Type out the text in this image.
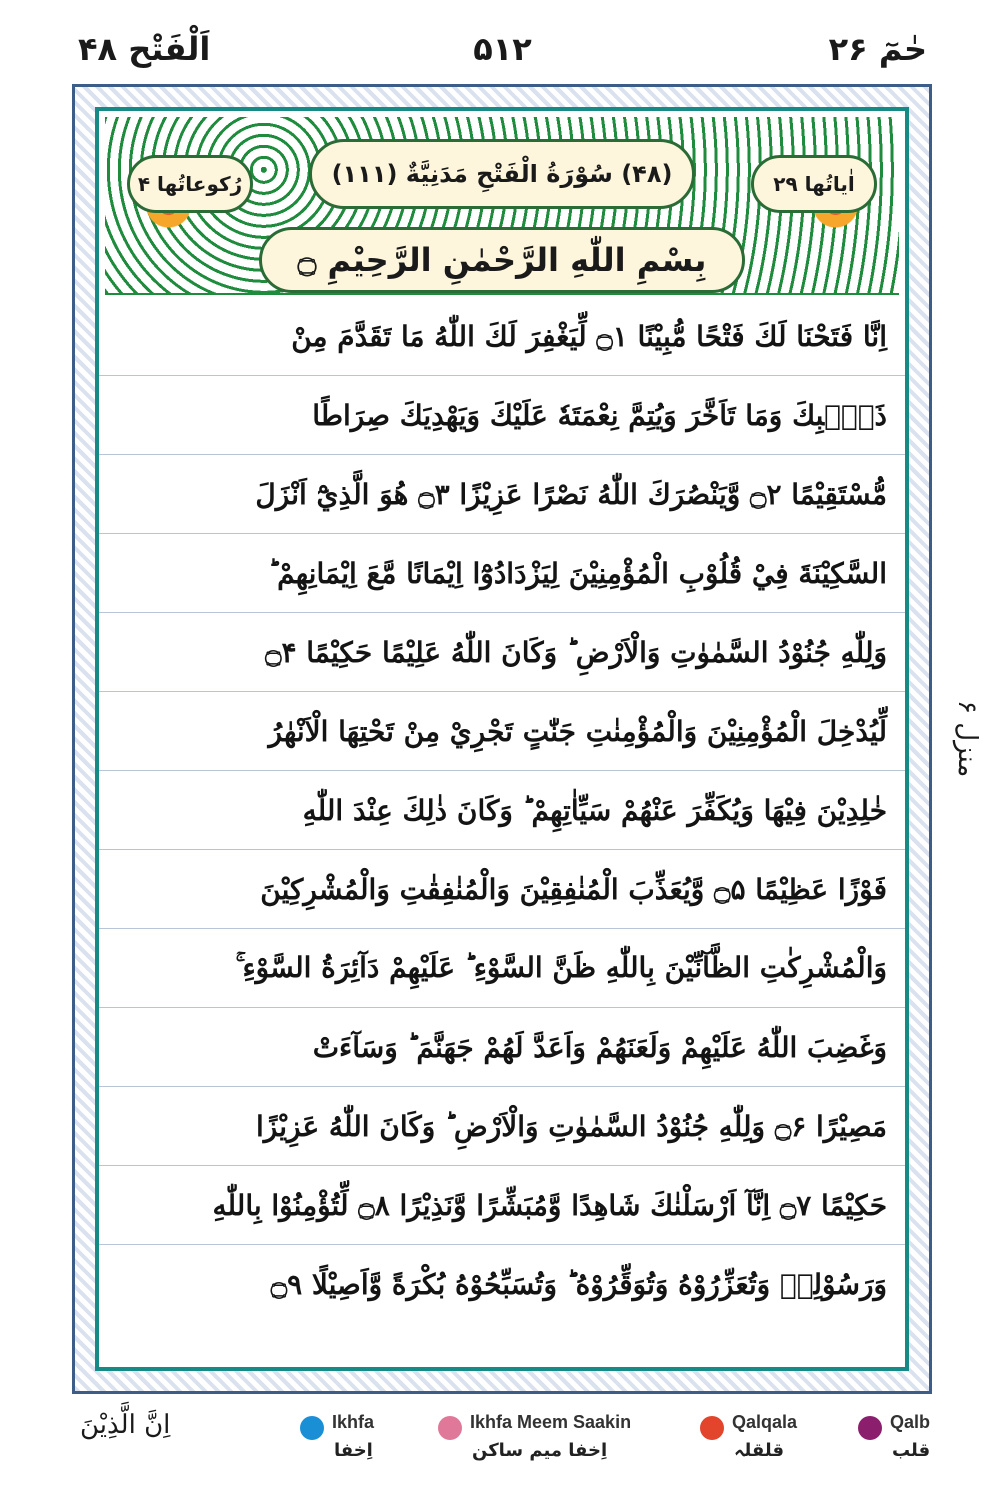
اَلْفَتْح ۴۸	۵۱۲	حٰمٓ ۲۶
اٰیاتُها ۲۹
(۴۸) سُوْرَةُ الْفَتْحِ مَدَنِيَّةٌ (۱۱۱)
رُكوعاتُها ۴
بِسْمِ اللّٰهِ الرَّحْمٰنِ الرَّحِيْمِ ۝
اِنَّا فَتَحْنَا لَكَ فَتْحًا مُّبِيْنًا ۝۱ لِّيَغْفِرَ لَكَ اللّٰهُ مَا تَقَدَّمَ مِنْ
ذَنْۢبِكَ وَمَا تَاَخَّرَ وَيُتِمَّ نِعْمَتَهٗ عَلَيْكَ وَيَهْدِيَكَ صِرَاطًا
مُّسْتَقِيْمًا ۝۲ وَّيَنْصُرَكَ اللّٰهُ نَصْرًا عَزِيْزًا ۝۳ هُوَ الَّذِيْٓ اَنْزَلَ
السَّكِيْنَةَ فِيْ قُلُوْبِ الْمُؤْمِنِيْنَ لِيَزْدَادُوْٓا اِيْمَانًا مَّعَ اِيْمَانِهِمْ ؕ
وَلِلّٰهِ جُنُوْدُ السَّمٰوٰتِ وَالْاَرْضِ ؕ وَكَانَ اللّٰهُ عَلِيْمًا حَكِيْمًا ۝۴
لِّيُدْخِلَ الْمُؤْمِنِيْنَ وَالْمُؤْمِنٰتِ جَنّٰتٍ تَجْرِيْ مِنْ تَحْتِهَا الْاَنْهٰرُ
خٰلِدِيْنَ فِيْهَا وَيُكَفِّرَ عَنْهُمْ سَيِّاٰتِهِمْ ؕ وَكَانَ ذٰلِكَ عِنْدَ اللّٰهِ
فَوْزًا عَظِيْمًا ۝۵ وَّيُعَذِّبَ الْمُنٰفِقِيْنَ وَالْمُنٰفِقٰتِ وَالْمُشْرِكِيْنَ
وَالْمُشْرِكٰتِ الظَّآنِّيْنَ بِاللّٰهِ ظَنَّ السَّوْءِ ؕ عَلَيْهِمْ دَآئِرَةُ السَّوْءِ ۚ
وَغَضِبَ اللّٰهُ عَلَيْهِمْ وَلَعَنَهُمْ وَاَعَدَّ لَهُمْ جَهَنَّمَ ؕ وَسَآءَتْ
مَصِيْرًا ۝۶ وَلِلّٰهِ جُنُوْدُ السَّمٰوٰتِ وَالْاَرْضِ ؕ وَكَانَ اللّٰهُ عَزِيْزًا
حَكِيْمًا ۝۷ اِنَّآ اَرْسَلْنٰكَ شَاهِدًا وَّمُبَشِّرًا وَّنَذِيْرًا ۝۸ لِّتُؤْمِنُوْا بِاللّٰهِ
وَرَسُوْلِهٖ وَتُعَزِّرُوْهُ وَتُوَقِّرُوْهُ ؕ وَتُسَبِّحُوْهُ بُكْرَةً وَّاَصِيْلًا ۝۹
منزل ۶
اِنَّ الَّذِيْنَ	Ikhfa
اِخفا
Ikhfa Meem Saakin
اِخفا میم ساکن
Qalqala
قلقلہ
Qalb
قلب
